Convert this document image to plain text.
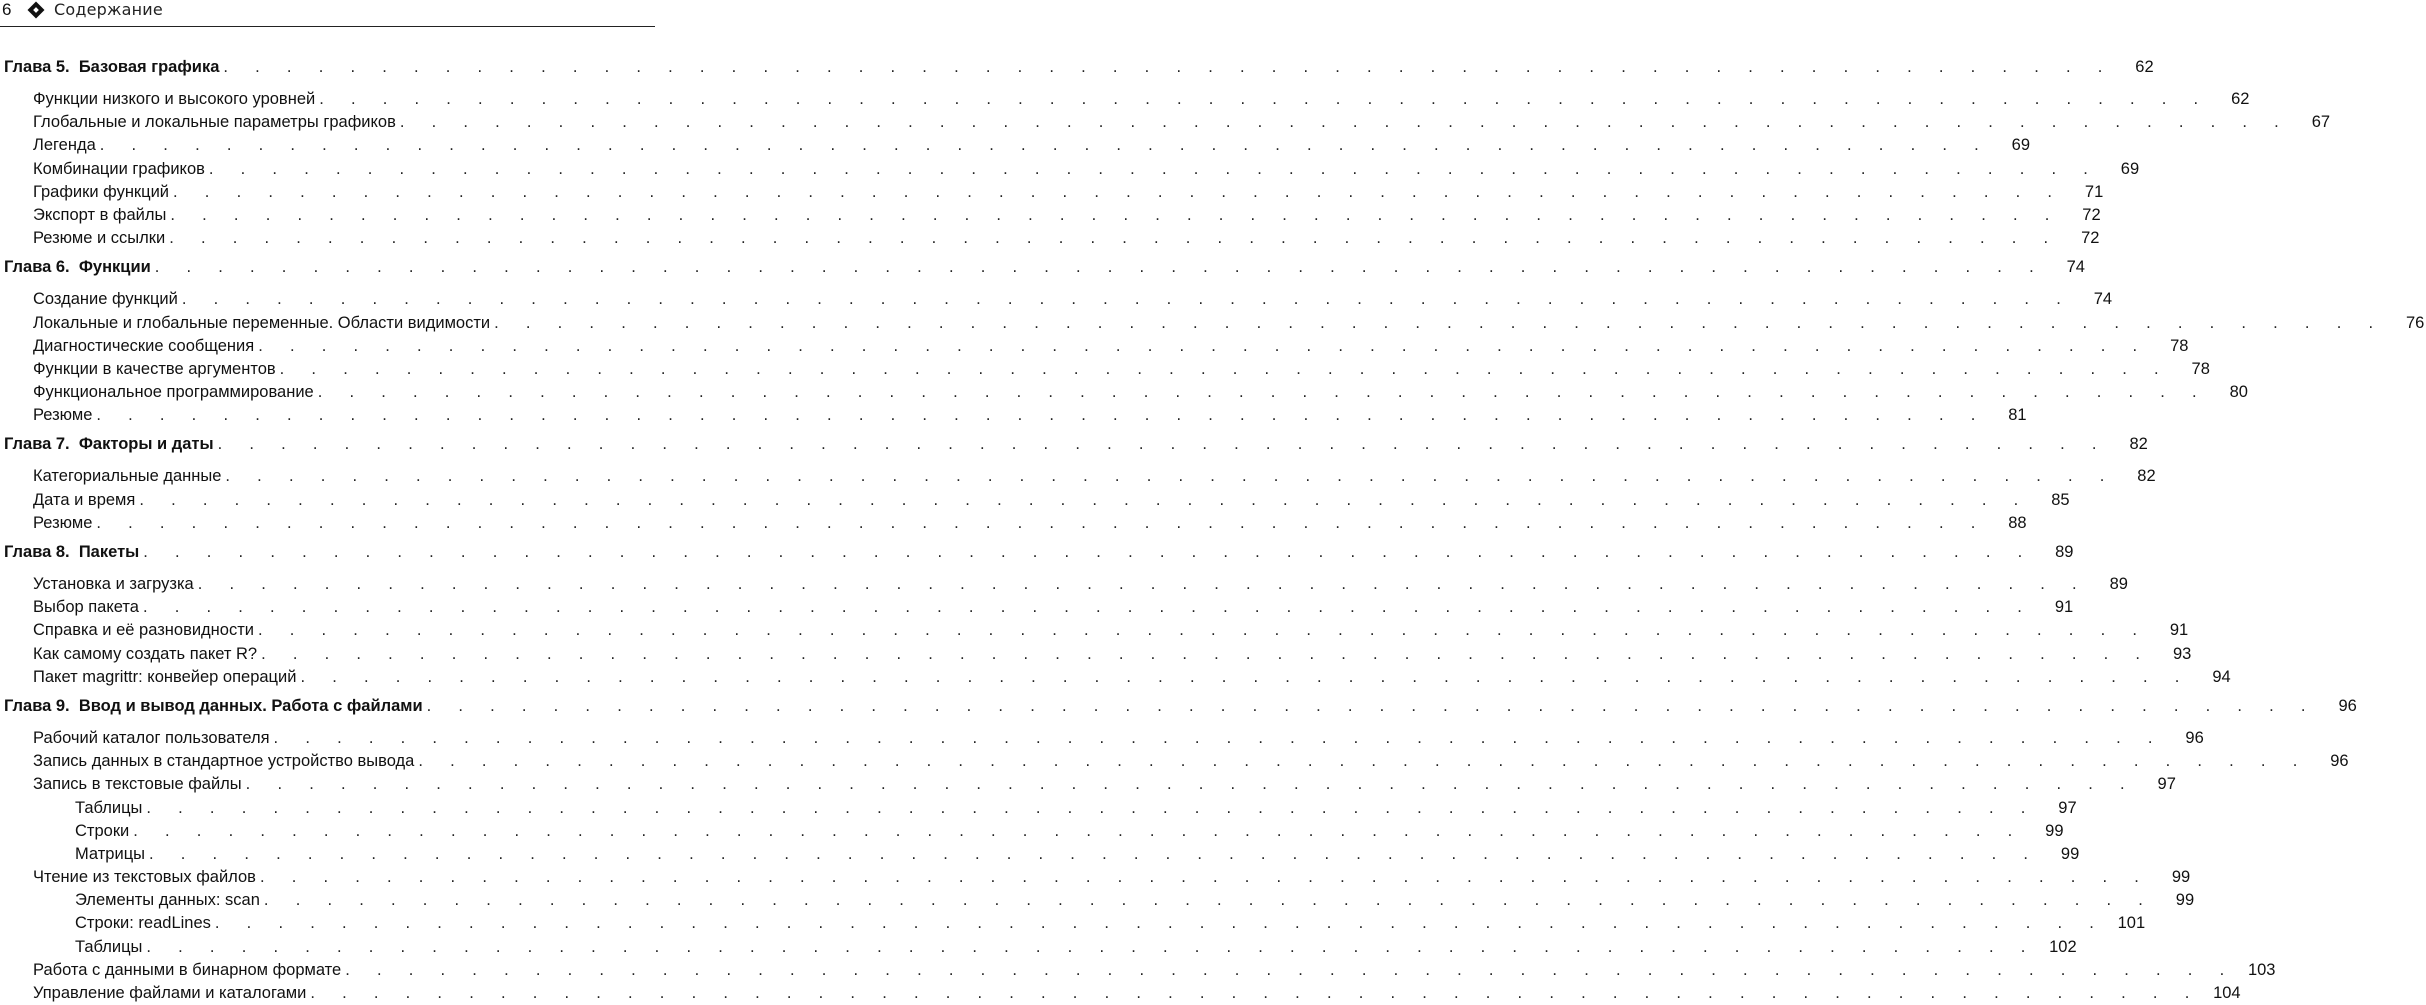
6	Содержание
Глава 5. Базовая графика . . . . . . . . . . . . . . . . . . . . . . . . . . . . . . . . . . . . . . . . . . . . . . . . . . . . . . . . . . . .	62
Функции низкого и высокого уровней . . . . . . . . . . . . . . . . . . . . . . . . . . . . . . . . . . . . . . . . . . . . . . . . . . . . . . . . . . . .	62
Глобальные и локальные параметры графиков . . . . . . . . . . . . . . . . . . . . . . . . . . . . . . . . . . . . . . . . . . . . . . . . . . . . . . . . . . . .	67
Легенда . . . . . . . . . . . . . . . . . . . . . . . . . . . . . . . . . . . . . . . . . . . . . . . . . . . . . . . . . . . .	69
Комбинации графиков . . . . . . . . . . . . . . . . . . . . . . . . . . . . . . . . . . . . . . . . . . . . . . . . . . . . . . . . . . . .	69
Графики функций . . . . . . . . . . . . . . . . . . . . . . . . . . . . . . . . . . . . . . . . . . . . . . . . . . . . . . . . . . . .	71
Экспорт в файлы . . . . . . . . . . . . . . . . . . . . . . . . . . . . . . . . . . . . . . . . . . . . . . . . . . . . . . . . . . . .	72
Резюме и ссылки . . . . . . . . . . . . . . . . . . . . . . . . . . . . . . . . . . . . . . . . . . . . . . . . . . . . . . . . . . . .	72
Глава 6. Функции . . . . . . . . . . . . . . . . . . . . . . . . . . . . . . . . . . . . . . . . . . . . . . . . . . . . . . . . . . . .	74
Создание функций . . . . . . . . . . . . . . . . . . . . . . . . . . . . . . . . . . . . . . . . . . . . . . . . . . . . . . . . . . . .	74
Локальные и глобальные переменные. Области видимости . . . . . . . . . . . . . . . . . . . . . . . . . . . . . . . . . . . . . . . . . . . . . . . . . . . . . . . . . . . .	76
Диагностические сообщения . . . . . . . . . . . . . . . . . . . . . . . . . . . . . . . . . . . . . . . . . . . . . . . . . . . . . . . . . . . .	78
Функции в качестве аргументов . . . . . . . . . . . . . . . . . . . . . . . . . . . . . . . . . . . . . . . . . . . . . . . . . . . . . . . . . . . .	78
Функциональное программирование . . . . . . . . . . . . . . . . . . . . . . . . . . . . . . . . . . . . . . . . . . . . . . . . . . . . . . . . . . . .	80
Резюме . . . . . . . . . . . . . . . . . . . . . . . . . . . . . . . . . . . . . . . . . . . . . . . . . . . . . . . . . . . .	81
Глава 7. Факторы и даты . . . . . . . . . . . . . . . . . . . . . . . . . . . . . . . . . . . . . . . . . . . . . . . . . . . . . . . . . . . .	82
Категориальные данные . . . . . . . . . . . . . . . . . . . . . . . . . . . . . . . . . . . . . . . . . . . . . . . . . . . . . . . . . . . .	82
Дата и время . . . . . . . . . . . . . . . . . . . . . . . . . . . . . . . . . . . . . . . . . . . . . . . . . . . . . . . . . . . .	85
Резюме . . . . . . . . . . . . . . . . . . . . . . . . . . . . . . . . . . . . . . . . . . . . . . . . . . . . . . . . . . . .	88
Глава 8. Пакеты . . . . . . . . . . . . . . . . . . . . . . . . . . . . . . . . . . . . . . . . . . . . . . . . . . . . . . . . . . . .	89
Установка и загрузка . . . . . . . . . . . . . . . . . . . . . . . . . . . . . . . . . . . . . . . . . . . . . . . . . . . . . . . . . . . .	89
Выбор пакета . . . . . . . . . . . . . . . . . . . . . . . . . . . . . . . . . . . . . . . . . . . . . . . . . . . . . . . . . . . .	91
Справка и её разновидности . . . . . . . . . . . . . . . . . . . . . . . . . . . . . . . . . . . . . . . . . . . . . . . . . . . . . . . . . . . .	91
Как самому создать пакет R? . . . . . . . . . . . . . . . . . . . . . . . . . . . . . . . . . . . . . . . . . . . . . . . . . . . . . . . . . . . .	93
Пакет magrittr: конвейер операций . . . . . . . . . . . . . . . . . . . . . . . . . . . . . . . . . . . . . . . . . . . . . . . . . . . . . . . . . . . .	94
Глава 9. Ввод и вывод данных. Работа с файлами . . . . . . . . . . . . . . . . . . . . . . . . . . . . . . . . . . . . . . . . . . . . . . . . . . . . . . . . . . . .	96
Рабочий каталог пользователя . . . . . . . . . . . . . . . . . . . . . . . . . . . . . . . . . . . . . . . . . . . . . . . . . . . . . . . . . . . .	96
Запись данных в стандартное устройство вывода . . . . . . . . . . . . . . . . . . . . . . . . . . . . . . . . . . . . . . . . . . . . . . . . . . . . . . . . . . . .	96
Запись в текстовые файлы . . . . . . . . . . . . . . . . . . . . . . . . . . . . . . . . . . . . . . . . . . . . . . . . . . . . . . . . . . . .	97
Таблицы . . . . . . . . . . . . . . . . . . . . . . . . . . . . . . . . . . . . . . . . . . . . . . . . . . . . . . . . . . . .	97
Строки . . . . . . . . . . . . . . . . . . . . . . . . . . . . . . . . . . . . . . . . . . . . . . . . . . . . . . . . . . . .	99
Матрицы . . . . . . . . . . . . . . . . . . . . . . . . . . . . . . . . . . . . . . . . . . . . . . . . . . . . . . . . . . . .	99
Чтение из текстовых файлов . . . . . . . . . . . . . . . . . . . . . . . . . . . . . . . . . . . . . . . . . . . . . . . . . . . . . . . . . . . .	99
Элементы данных: scan . . . . . . . . . . . . . . . . . . . . . . . . . . . . . . . . . . . . . . . . . . . . . . . . . . . . . . . . . . . .	99
Строки: readLines . . . . . . . . . . . . . . . . . . . . . . . . . . . . . . . . . . . . . . . . . . . . . . . . . . . . . . . . . . . . 101
Таблицы . . . . . . . . . . . . . . . . . . . . . . . . . . . . . . . . . . . . . . . . . . . . . . . . . . . . . . . . . . . . 102
Работа с данными в бинарном формате . . . . . . . . . . . . . . . . . . . . . . . . . . . . . . . . . . . . . . . . . . . . . . . . . . . . . . . . . . . . 103
Управление файлами и каталогами . . . . . . . . . . . . . . . . . . . . . . . . . . . . . . . . . . . . . . . . . . . . . . . . . . . . . . . . . . . . 104
